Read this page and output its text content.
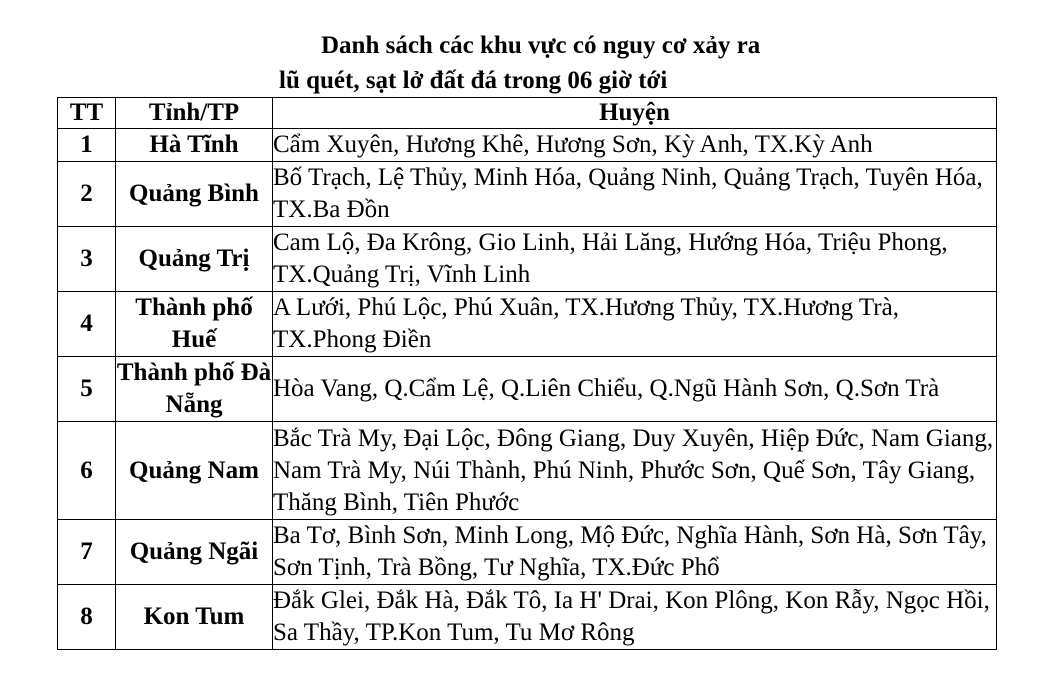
Danh sách các khu vực có nguy cơ xảy ra
lũ quét, sạt lở đất đá trong 06 giờ tới
TT	Tỉnh/TP	Huyện
1	Hà Tĩnh	Cẩm Xuyên, Hương Khê, Hương Sơn, Kỳ Anh, TX.Kỳ Anh
2	Quảng Bình	Bố Trạch, Lệ Thủy, Minh Hóa, Quảng Ninh, Quảng Trạch, Tuyên Hóa, TX.Ba Đồn
3	Quảng Trị	Cam Lộ, Đa Krông, Gio Linh, Hải Lăng, Hướng Hóa, Triệu Phong, TX.Quảng Trị, Vĩnh Linh
4	Thành phố Huế	A Lưới, Phú Lộc, Phú Xuân, TX.Hương Thủy, TX.Hương Trà, TX.Phong Điền
5	Thành phố Đà Nẵng	Hòa Vang, Q.Cẩm Lệ, Q.Liên Chiểu, Q.Ngũ Hành Sơn, Q.Sơn Trà
6	Quảng Nam	Bắc Trà My, Đại Lộc, Đông Giang, Duy Xuyên, Hiệp Đức, Nam Giang, Nam Trà My, Núi Thành, Phú Ninh, Phước Sơn, Quế Sơn, Tây Giang, Thăng Bình, Tiên Phước
7	Quảng Ngãi	Ba Tơ, Bình Sơn, Minh Long, Mộ Đức, Nghĩa Hành, Sơn Hà, Sơn Tây, Sơn Tịnh, Trà Bồng, Tư Nghĩa, TX.Đức Phổ
8	Kon Tum	Đắk Glei, Đắk Hà, Đắk Tô, Ia H' Drai, Kon Plông, Kon Rẫy, Ngọc Hồi, Sa Thầy, TP.Kon Tum, Tu Mơ Rông
